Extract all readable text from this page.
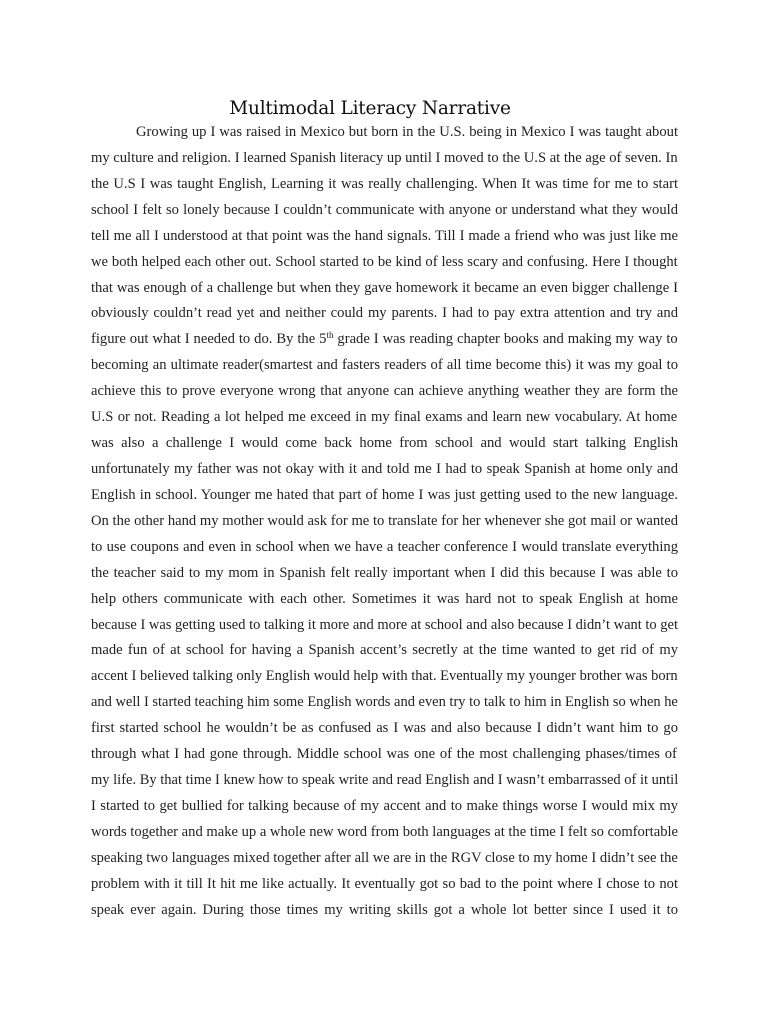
Multimodal Literacy Narrative
Growing up I was raised in Mexico but born in the U.S. being in Mexico I was taught about
my culture and religion. I learned Spanish literacy up until I moved to the U.S at the age of seven. In
the U.S I was taught English, Learning it was really challenging. When It was time for me to start
school I felt so lonely because I couldn’t communicate with anyone or understand what they would
tell me all I understood at that point was the hand signals. Till I made a friend who was just like me
we both helped each other out. School started to be kind of less scary and confusing. Here I thought
that was enough of a challenge but when they gave homework it became an even bigger challenge I
obviously couldn’t read yet and neither could my parents. I had to pay extra attention and try and
figure out what I needed to do. By the 5th grade I was reading chapter books and making my way to
becoming an ultimate reader(smartest and fasters readers of all time become this) it was my goal to
achieve this to prove everyone wrong that anyone can achieve anything weather they are form the
U.S or not. Reading a lot helped me exceed in my final exams and learn new vocabulary. At home
was also a challenge I would come back home from school and would start talking English
unfortunately my father was not okay with it and told me I had to speak Spanish at home only and
English in school. Younger me hated that part of home I was just getting used to the new language.
On the other hand my mother would ask for me to translate for her whenever she got mail or wanted
to use coupons and even in school when we have a teacher conference I would translate everything
the teacher said to my mom in Spanish felt really important when I did this because I was able to
help others communicate with each other. Sometimes it was hard not to speak English at home
because I was getting used to talking it more and more at school and also because I didn’t want to get
made fun of at school for having a Spanish accent’s secretly at the time wanted to get rid of my
accent I believed talking only English would help with that. Eventually my younger brother was born
and well I started teaching him some English words and even try to talk to him in English so when he
first started school he wouldn’t be as confused as I was and also because I didn’t want him to go
through what I had gone through. Middle school was one of the most challenging phases/times of
my life. By that time I knew how to speak write and read English and I wasn’t embarrassed of it until
I started to get bullied for talking because of my accent and to make things worse I would mix my
words together and make up a whole new word from both languages at the time I felt so comfortable
speaking two languages mixed together after all we are in the RGV close to my home I didn’t see the
problem with it till It hit me like actually. It eventually got so bad to the point where I chose to not
speak ever again. During those times my writing skills got a whole lot better since I used it to
